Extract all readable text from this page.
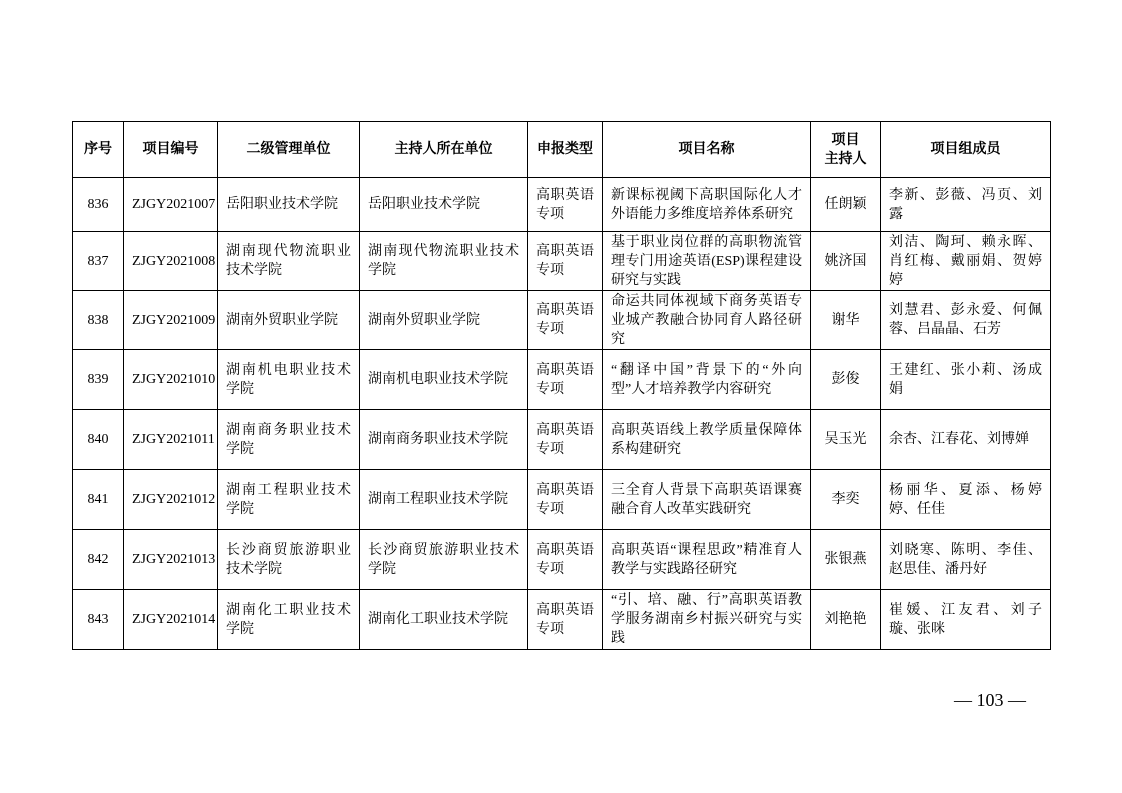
序号	项目编号	二级管理单位	主持人所在单位	申报类型	项目名称	项目
主持人	项目组成员
836	ZJGY2021007	岳阳职业技术学院	岳阳职业技术学院	高职英语专项	新课标视阈下高职国际化人才外语能力多维度培养体系研究	任朗颖	李新、彭薇、冯页、刘露
837	ZJGY2021008	湖南现代物流职业技术学院	湖南现代物流职业技术学院	高职英语专项	基于职业岗位群的高职物流管理专门用途英语(ESP)课程建设研究与实践	姚济国	刘洁、陶珂、赖永晖、肖红梅、戴丽娟、贺婷婷
838	ZJGY2021009	湖南外贸职业学院	湖南外贸职业学院	高职英语专项	命运共同体视域下商务英语专业城产教融合协同育人路径研究	谢华	刘慧君、彭永爱、何佩蓉、吕晶晶、石芳
839	ZJGY2021010	湖南机电职业技术学院	湖南机电职业技术学院	高职英语专项	“翻译中国”背景下的“外向型”人才培养教学内容研究	彭俊	王建红、张小莉、汤成娟
840	ZJGY2021011	湖南商务职业技术学院	湖南商务职业技术学院	高职英语专项	高职英语线上教学质量保障体系构建研究	吴玉光	余杏、江春花、刘博婵
841	ZJGY2021012	湖南工程职业技术学院	湖南工程职业技术学院	高职英语专项	三全育人背景下高职英语课赛融合育人改革实践研究	李奕	杨丽华、夏添、杨婷婷、任佳
842	ZJGY2021013	长沙商贸旅游职业技术学院	长沙商贸旅游职业技术学院	高职英语专项	高职英语“课程思政”精准育人教学与实践路径研究	张银燕	刘晓寒、陈明、李佳、赵思佳、潘丹好
843	ZJGY2021014	湖南化工职业技术学院	湖南化工职业技术学院	高职英语专项	“引、培、融、行”高职英语教学服务湖南乡村振兴研究与实践	刘艳艳	崔媛、江友君、刘子璇、张咪
— 103 —
